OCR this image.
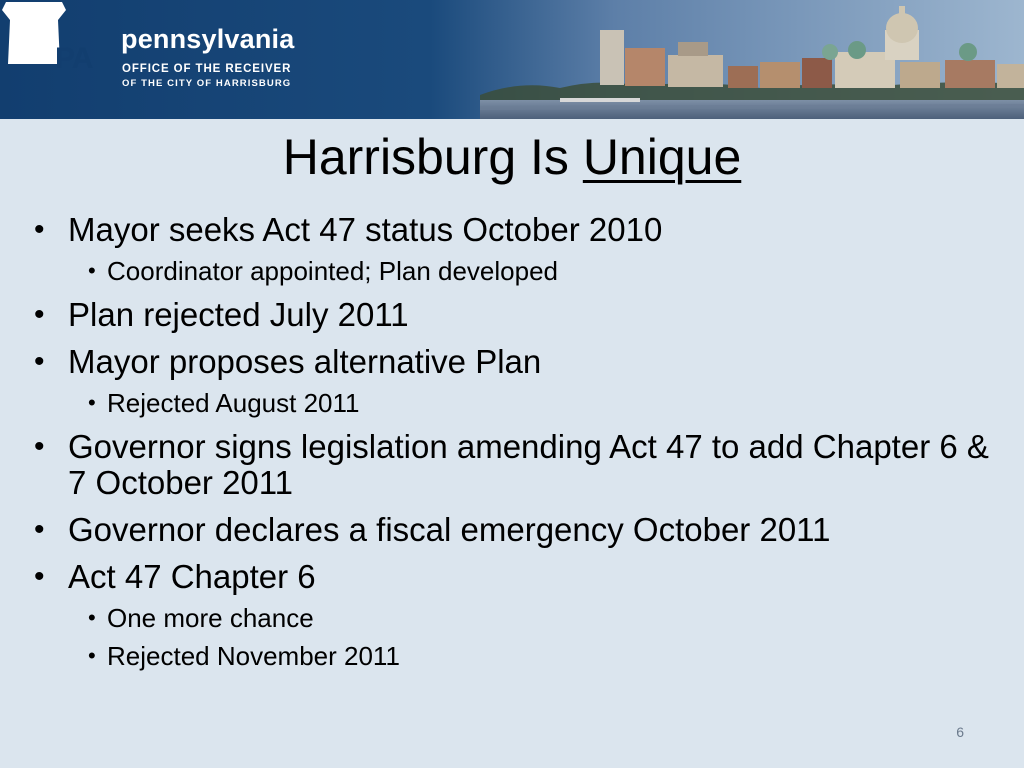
PA
pennsylvania
OFFICE OF THE RECEIVER
OF THE CITY OF HARRISBURG
Harrisburg Is Unique
• Mayor seeks Act 47 status October 2010
• Coordinator appointed; Plan developed
• Plan rejected July 2011
• Mayor proposes alternative Plan
• Rejected August 2011
• Governor signs legislation amending Act 47 to add Chapter 6 & 7 October 2011
• Governor declares a fiscal emergency October 2011
• Act 47 Chapter 6
• One more chance
• Rejected November 2011
6
